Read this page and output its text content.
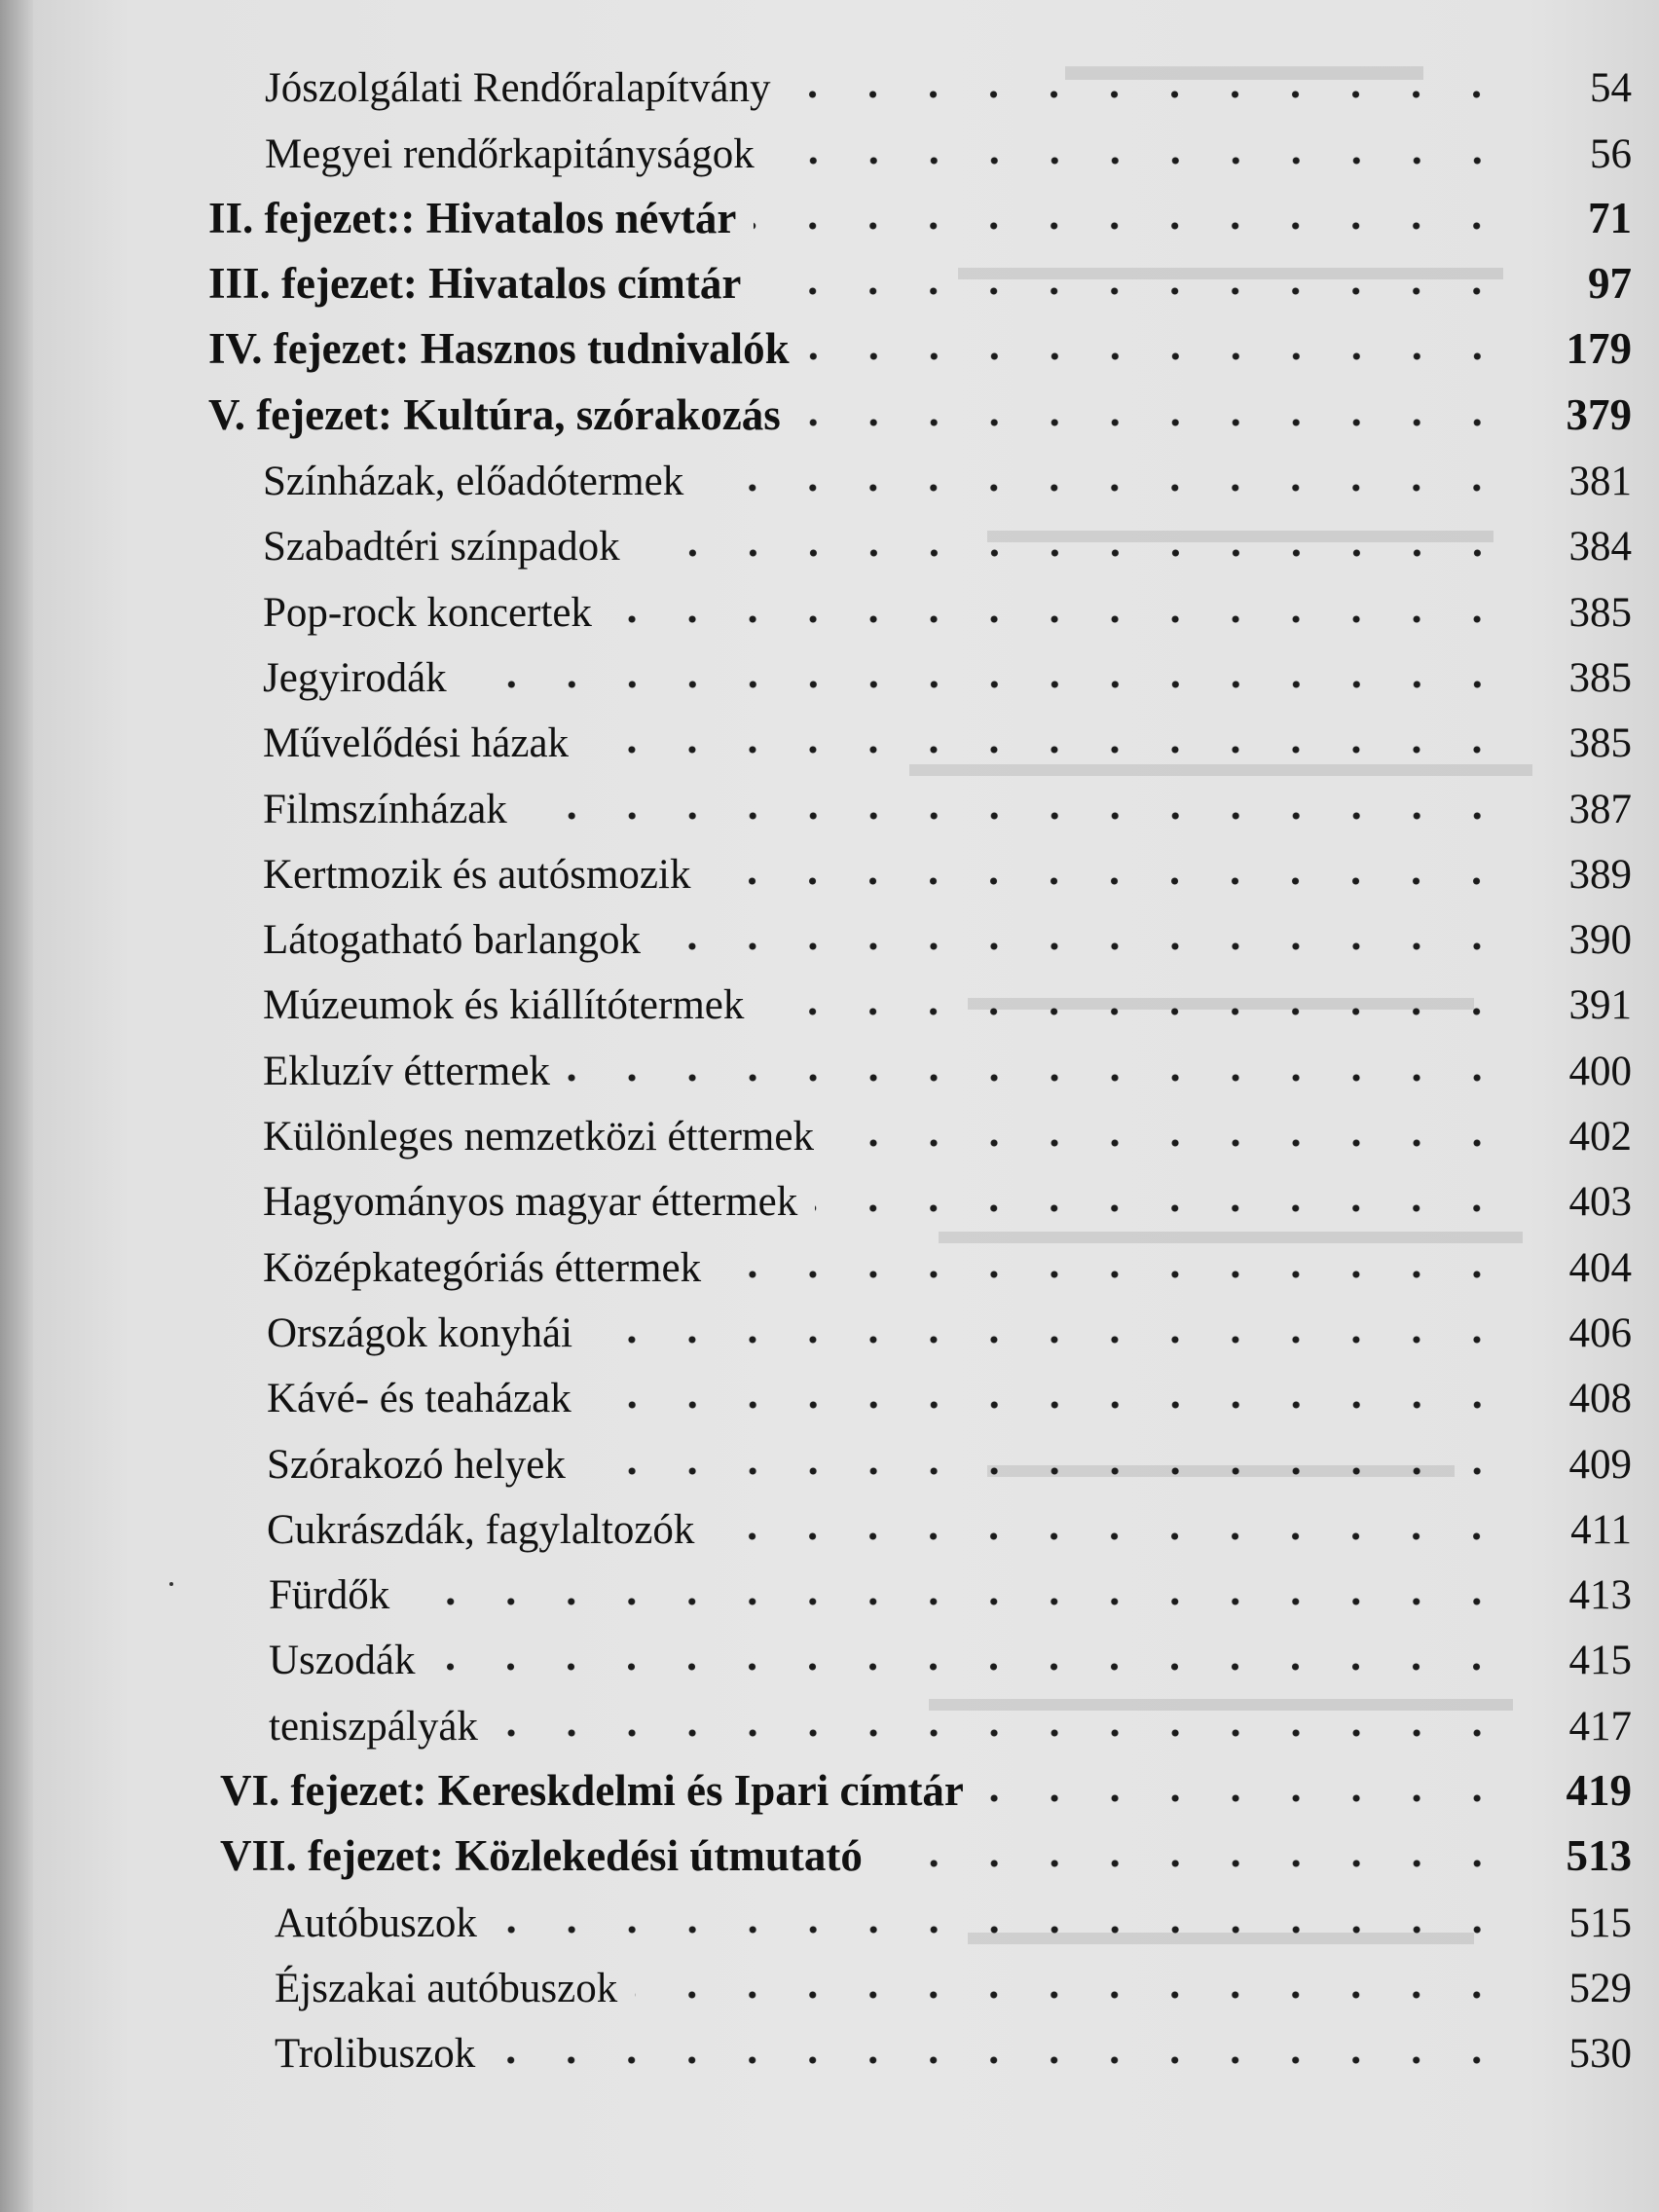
▬▬▬▬▬▬▬▬
▬▬▬▬▬▬▬▬▬▬▬▬▬▬
▬▬▬▬▬▬▬▬▬▬▬▬▬
▬▬▬▬▬▬▬▬▬▬▬▬▬▬▬▬
▬▬▬▬▬▬▬▬▬▬▬▬▬
▬▬▬▬▬▬▬▬▬▬▬▬▬▬▬
▬▬▬▬▬▬▬▬▬▬▬▬
▬▬▬▬▬▬▬▬▬▬▬▬▬▬▬
Jószolgálati Rendőralapítvány	54
Megyei rendőrkapitányságok	56
II. fejezet:: Hivatalos névtár	71
III. fejezet: Hivatalos címtár	97
IV. fejezet: Hasznos tudnivalók	179
V. fejezet: Kultúra, szórakozás	379
Színházak, előadótermek	381
Szabadtéri színpadok	384
Pop-rock koncertek	385
Jegyirodák	385
Művelődési házak	385
Filmszínházak	387
Kertmozik és autósmozik	389
Látogatható barlangok	390
Múzeumok és kiállítótermek	391
Ekluzív éttermek	400
Különleges nemzetközi éttermek	402
Hagyományos magyar éttermek	403
Középkategóriás éttermek	404
Országok konyhái	406
Kávé- és teaházak	408
Szórakozó helyek	409
Cukrászdák, fagylaltozók	411
Fürdők	413
Uszodák	415
teniszpályák	417
VI. fejezet: Kereskdelmi és Ipari címtár	419
VII. fejezet: Közlekedési útmutató	513
Autóbuszok	515
Éjszakai autóbuszok	529
Trolibuszok	530
